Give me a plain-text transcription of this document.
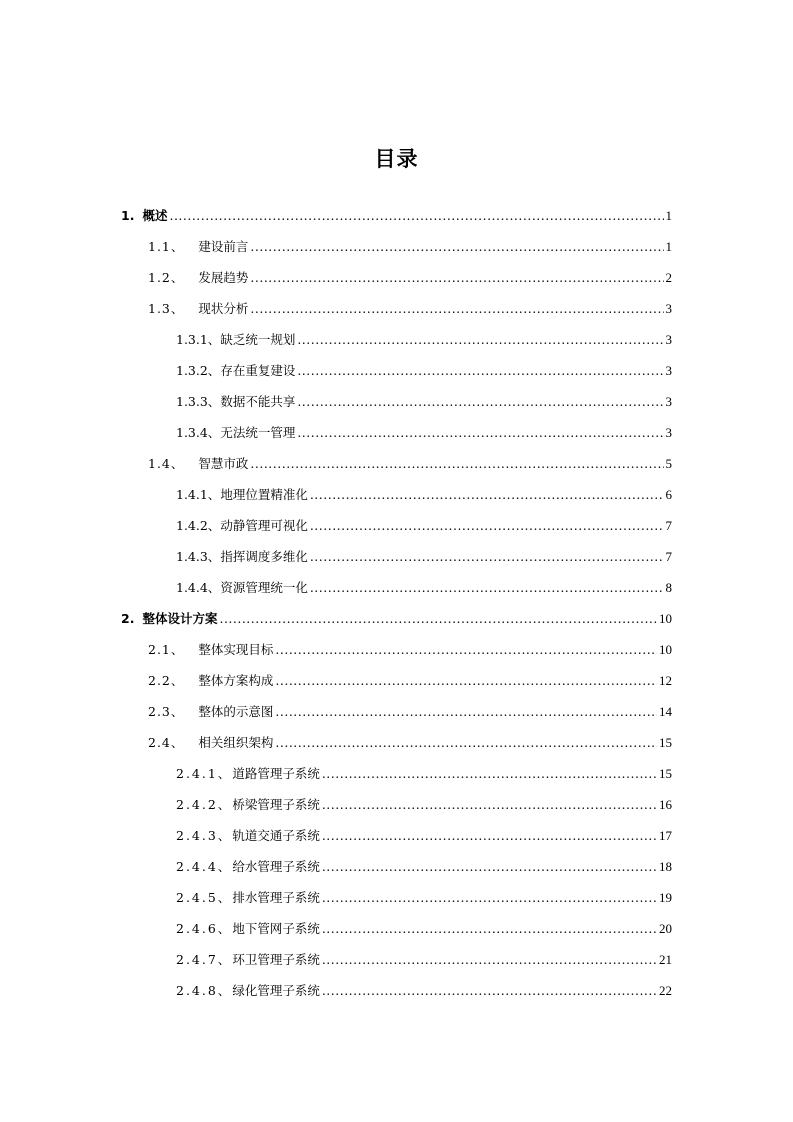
目录
1. 概述 .....	1
1.1、 建设前言 .....	1
1.2、 发展趋势 .....	2
1.3、 现状分析 .....	3
1.3.1、 缺乏统一规划 .....	3
1.3.2、 存在重复建设 .....	3
1.3.3、 数据不能共享 .....	3
1.3.4、 无法统一管理 .....	3
1.4、 智慧市政 .....	5
1.4.1、 地理位置精准化 .....	6
1.4.2、 动静管理可视化 .....	7
1.4.3、 指挥调度多维化 .....	7
1.4.4、 资源管理统一化 .....	8
2. 整体设计方案 .....	10
2.1、 整体实现目标 .....	10
2.2、 整体方案构成 .....	12
2.3、 整体的示意图 .....	14
2.4、 相关组织架构 .....	15
2.4.1、 道路管理子系统 .....	15
2.4.2、 桥梁管理子系统 .....	16
2.4.3、 轨道交通子系统 .....	17
2.4.4、 给水管理子系统 .....	18
2.4.5、 排水管理子系统 .....	19
2.4.6、 地下管网子系统 .....	20
2.4.7、 环卫管理子系统 .....	21
2.4.8、 绿化管理子系统 .....	22
